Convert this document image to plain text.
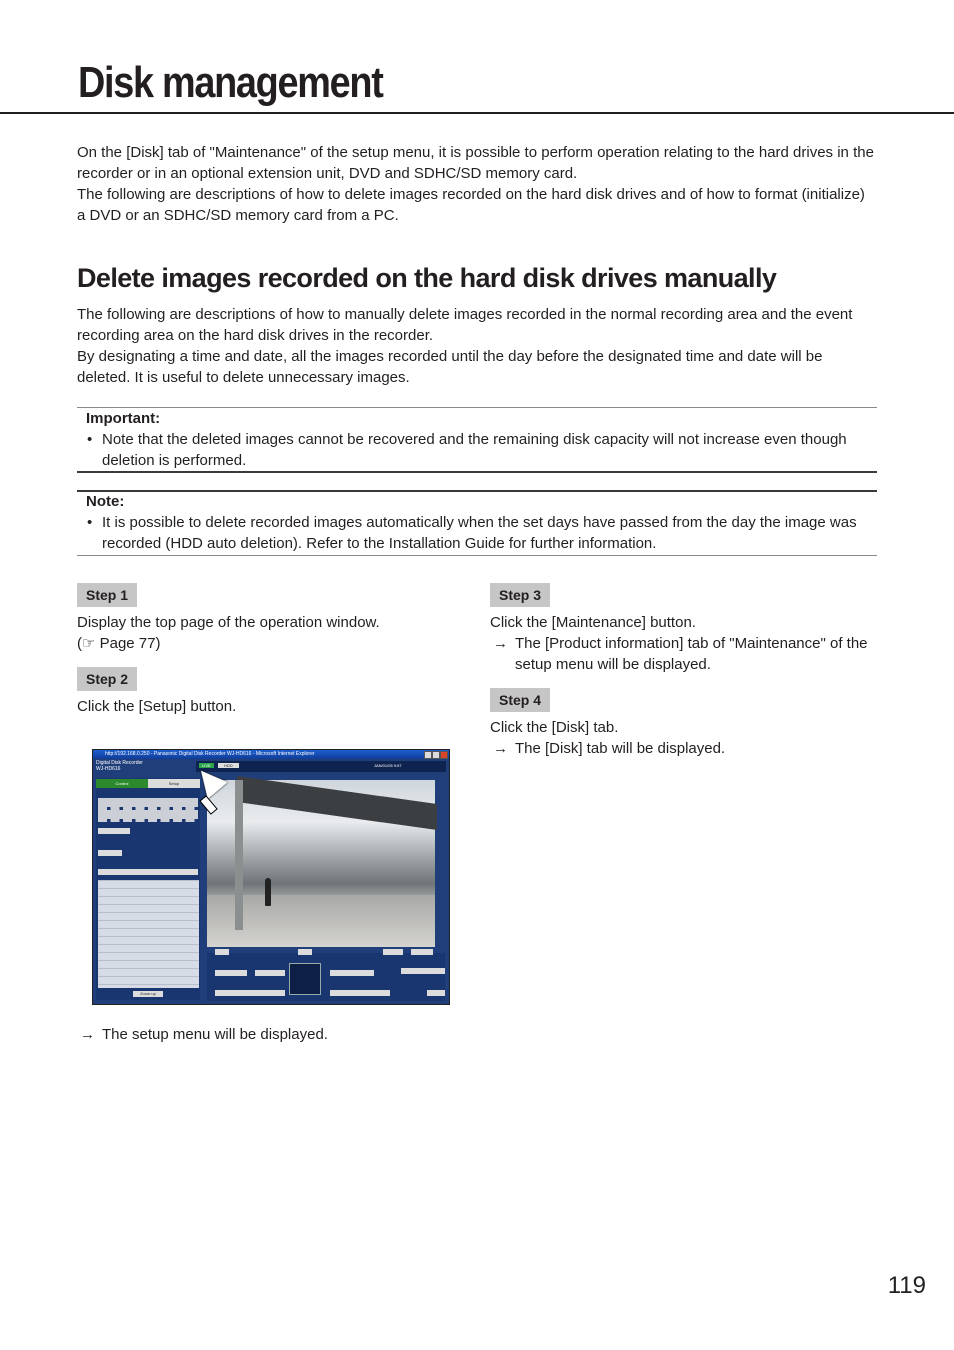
Disk management

On the [Disk] tab of "Maintenance" of the setup menu, it is possible to perform operation relating to the hard drives in the recorder or in an optional extension unit, DVD and SDHC/SD memory card.

The following are descriptions of how to delete images recorded on the hard disk drives and of how to format (initialize) a DVD or an SDHC/SD memory card from a PC.

Delete images recorded on the hard disk drives manually

The following are descriptions of how to manually delete images recorded in the normal recording area and the event recording area on the hard disk drives in the recorder.

By designating a time and date, all the images recorded until the day before the designated time and date will be deleted. It is useful to delete unnecessary images.

Important:
• Note that the deleted images cannot be recovered and the remaining disk capacity will not increase even though deletion is performed.
Note:
• It is possible to delete recorded images automatically when the set days have passed from the day the image was recorded (HDD auto deletion). Refer to the Installation Guide for further information.
Step 1

Display the top page of the operation window.

(☞ Page 77)

Step 2

Click the [Setup] button.

http://192.168.0.250 - Panasonic Digital Disk Recorder WJ-HD616 - Microsoft Internet Explorer
Digital Disk Recorder
WJ-HD616
LIVE	HDD	JAN/01/05 9:57
Control	Setup
Zoom up
→ The setup menu will be displayed.
Step 3

Click the [Maintenance] button.

→ The [Product information] tab of "Maintenance" of the setup menu will be displayed.
Step 4

Click the [Disk] tab.

→ The [Disk] tab will be displayed.
119
